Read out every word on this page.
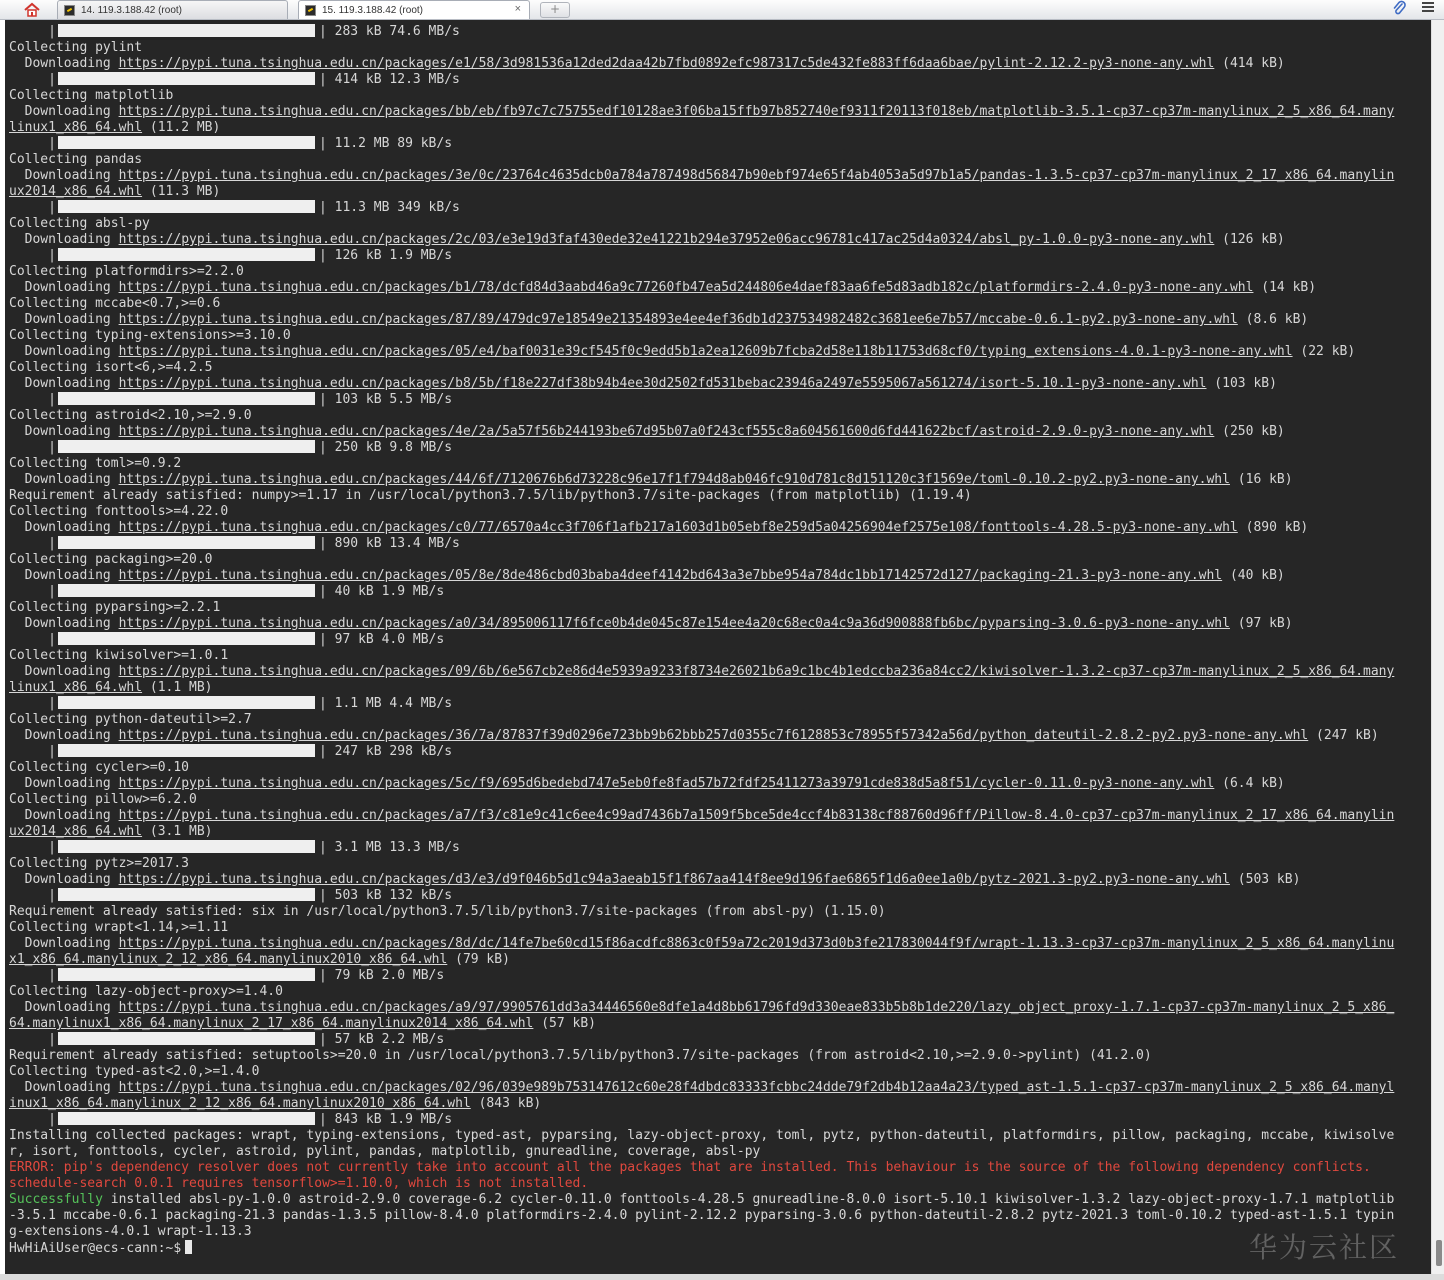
14. 119.3.188.42 (root)	15. 119.3.188.42 (root)	×	+
|	| 283 kB 74.6 MB/s
Collecting pylint
Downloading https://pypi.tuna.tsinghua.edu.cn/packages/e1/58/3d981536a12ded2daa42b7fbd0892efc987317c5de432fe883ff6daa6bae/pylint-2.12.2-py3-none-any.whl (414 kB)
|	| 414 kB 12.3 MB/s
Collecting matplotlib
Downloading https://pypi.tuna.tsinghua.edu.cn/packages/bb/eb/fb97c7c75755edf10128ae3f06ba15ffb97b852740ef9311f20113f018eb/matplotlib-3.5.1-cp37-cp37m-manylinux_2_5_x86_64.many
linux1_x86_64.whl (11.2 MB)
|	| 11.2 MB 89 kB/s
Collecting pandas
Downloading https://pypi.tuna.tsinghua.edu.cn/packages/3e/0c/23764c4635dcb0a784a787498d56847b90ebf974e65f4ab4053a5d97b1a5/pandas-1.3.5-cp37-cp37m-manylinux_2_17_x86_64.manylin
ux2014_x86_64.whl (11.3 MB)
|	| 11.3 MB 349 kB/s
Collecting absl-py
Downloading https://pypi.tuna.tsinghua.edu.cn/packages/2c/03/e3e19d3faf430ede32e41221b294e37952e06acc96781c417ac25d4a0324/absl_py-1.0.0-py3-none-any.whl (126 kB)
|	| 126 kB 1.9 MB/s
Collecting platformdirs>=2.2.0
Downloading https://pypi.tuna.tsinghua.edu.cn/packages/b1/78/dcfd84d3aabd46a9c77260fb47ea5d244806e4daef83aa6fe5d83adb182c/platformdirs-2.4.0-py3-none-any.whl (14 kB)
Collecting mccabe<0.7,>=0.6
Downloading https://pypi.tuna.tsinghua.edu.cn/packages/87/89/479dc97e18549e21354893e4ee4ef36db1d237534982482c3681ee6e7b57/mccabe-0.6.1-py2.py3-none-any.whl (8.6 kB)
Collecting typing-extensions>=3.10.0
Downloading https://pypi.tuna.tsinghua.edu.cn/packages/05/e4/baf0031e39cf545f0c9edd5b1a2ea12609b7fcba2d58e118b11753d68cf0/typing_extensions-4.0.1-py3-none-any.whl (22 kB)
Collecting isort<6,>=4.2.5
Downloading https://pypi.tuna.tsinghua.edu.cn/packages/b8/5b/f18e227df38b94b4ee30d2502fd531bebac23946a2497e5595067a561274/isort-5.10.1-py3-none-any.whl (103 kB)
|	| 103 kB 5.5 MB/s
Collecting astroid<2.10,>=2.9.0
Downloading https://pypi.tuna.tsinghua.edu.cn/packages/4e/2a/5a57f56b244193be67d95b07a0f243cf555c8a604561600d6fd441622bcf/astroid-2.9.0-py3-none-any.whl (250 kB)
|	| 250 kB 9.8 MB/s
Collecting toml>=0.9.2
Downloading https://pypi.tuna.tsinghua.edu.cn/packages/44/6f/7120676b6d73228c96e17f1f794d8ab046fc910d781c8d151120c3f1569e/toml-0.10.2-py2.py3-none-any.whl (16 kB)
Requirement already satisfied: numpy>=1.17 in /usr/local/python3.7.5/lib/python3.7/site-packages (from matplotlib) (1.19.4)
Collecting fonttools>=4.22.0
Downloading https://pypi.tuna.tsinghua.edu.cn/packages/c0/77/6570a4cc3f706f1afb217a1603d1b05ebf8e259d5a04256904ef2575e108/fonttools-4.28.5-py3-none-any.whl (890 kB)
|	| 890 kB 13.4 MB/s
Collecting packaging>=20.0
Downloading https://pypi.tuna.tsinghua.edu.cn/packages/05/8e/8de486cbd03baba4deef4142bd643a3e7bbe954a784dc1bb17142572d127/packaging-21.3-py3-none-any.whl (40 kB)
|	| 40 kB 1.9 MB/s
Collecting pyparsing>=2.2.1
Downloading https://pypi.tuna.tsinghua.edu.cn/packages/a0/34/895006117f6fce0b4de045c87e154ee4a20c68ec0a4c9a36d900888fb6bc/pyparsing-3.0.6-py3-none-any.whl (97 kB)
|	| 97 kB 4.0 MB/s
Collecting kiwisolver>=1.0.1
Downloading https://pypi.tuna.tsinghua.edu.cn/packages/09/6b/6e567cb2e86d4e5939a9233f8734e26021b6a9c1bc4b1edccba236a84cc2/kiwisolver-1.3.2-cp37-cp37m-manylinux_2_5_x86_64.many
linux1_x86_64.whl (1.1 MB)
|	| 1.1 MB 4.4 MB/s
Collecting python-dateutil>=2.7
Downloading https://pypi.tuna.tsinghua.edu.cn/packages/36/7a/87837f39d0296e723bb9b62bbb257d0355c7f6128853c78955f57342a56d/python_dateutil-2.8.2-py2.py3-none-any.whl (247 kB)
|	| 247 kB 298 kB/s
Collecting cycler>=0.10
Downloading https://pypi.tuna.tsinghua.edu.cn/packages/5c/f9/695d6bedebd747e5eb0fe8fad57b72fdf25411273a39791cde838d5a8f51/cycler-0.11.0-py3-none-any.whl (6.4 kB)
Collecting pillow>=6.2.0
Downloading https://pypi.tuna.tsinghua.edu.cn/packages/a7/f3/c81e9c41c6ee4c99ad7436b7a1509f5bce5de4ccf4b83138cf88760d96ff/Pillow-8.4.0-cp37-cp37m-manylinux_2_17_x86_64.manylin
ux2014_x86_64.whl (3.1 MB)
|	| 3.1 MB 13.3 MB/s
Collecting pytz>=2017.3
Downloading https://pypi.tuna.tsinghua.edu.cn/packages/d3/e3/d9f046b5d1c94a3aeab15f1f867aa414f8ee9d196fae6865f1d6a0ee1a0b/pytz-2021.3-py2.py3-none-any.whl (503 kB)
|	| 503 kB 132 kB/s
Requirement already satisfied: six in /usr/local/python3.7.5/lib/python3.7/site-packages (from absl-py) (1.15.0)
Collecting wrapt<1.14,>=1.11
Downloading https://pypi.tuna.tsinghua.edu.cn/packages/8d/dc/14fe7be60cd15f86acdfc8863c0f59a72c2019d373d0b3fe217830044f9f/wrapt-1.13.3-cp37-cp37m-manylinux_2_5_x86_64.manylinu
x1_x86_64.manylinux_2_12_x86_64.manylinux2010_x86_64.whl (79 kB)
|	| 79 kB 2.0 MB/s
Collecting lazy-object-proxy>=1.4.0
Downloading https://pypi.tuna.tsinghua.edu.cn/packages/a9/97/9905761dd3a34446560e8dfe1a4d8bb61796fd9d330eae833b5b8b1de220/lazy_object_proxy-1.7.1-cp37-cp37m-manylinux_2_5_x86_
64.manylinux1_x86_64.manylinux_2_17_x86_64.manylinux2014_x86_64.whl (57 kB)
|	| 57 kB 2.2 MB/s
Requirement already satisfied: setuptools>=20.0 in /usr/local/python3.7.5/lib/python3.7/site-packages (from astroid<2.10,>=2.9.0->pylint) (41.2.0)
Collecting typed-ast<2.0,>=1.4.0
Downloading https://pypi.tuna.tsinghua.edu.cn/packages/02/96/039e989b753147612c60e28f4dbdc83333fcbbc24dde79f2db4b12aa4a23/typed_ast-1.5.1-cp37-cp37m-manylinux_2_5_x86_64.manyl
inux1_x86_64.manylinux_2_12_x86_64.manylinux2010_x86_64.whl (843 kB)
|	| 843 kB 1.9 MB/s
Installing collected packages: wrapt, typing-extensions, typed-ast, pyparsing, lazy-object-proxy, toml, pytz, python-dateutil, platformdirs, pillow, packaging, mccabe, kiwisolve
r, isort, fonttools, cycler, astroid, pylint, pandas, matplotlib, gnureadline, coverage, absl-py
ERROR: pip's dependency resolver does not currently take into account all the packages that are installed. This behaviour is the source of the following dependency conflicts.
schedule-search 0.0.1 requires tensorflow>=1.10.0, which is not installed.
Successfully installed absl-py-1.0.0 astroid-2.9.0 coverage-6.2 cycler-0.11.0 fonttools-4.28.5 gnureadline-8.0.0 isort-5.10.1 kiwisolver-1.3.2 lazy-object-proxy-1.7.1 matplotlib
-3.5.1 mccabe-0.6.1 packaging-21.3 pandas-1.3.5 pillow-8.4.0 platformdirs-2.4.0 pylint-2.12.2 pyparsing-3.0.6 python-dateutil-2.8.2 pytz-2021.3 toml-0.10.2 typed-ast-1.5.1 typin
g-extensions-4.0.1 wrapt-1.13.3
HwHiAiUser@ecs-cann:~$	华为云社区
